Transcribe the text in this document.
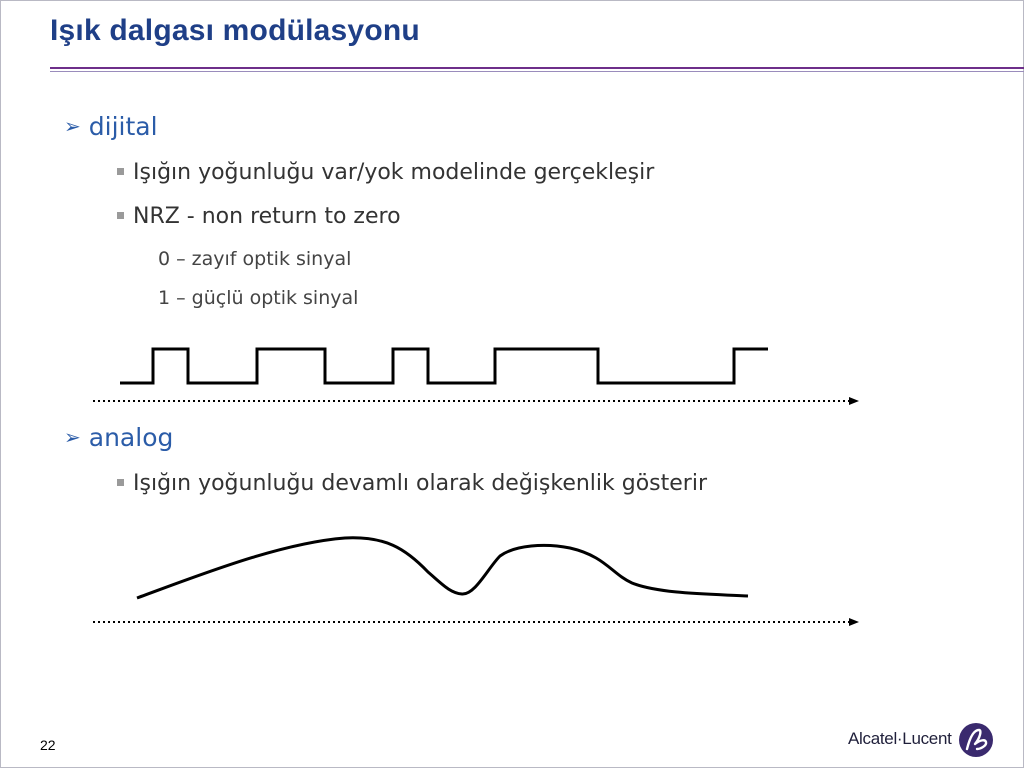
Işık dalgası modülasyonu
➢ dijital
Işığın yoğunluğu var/yok modelinde gerçekleşir
NRZ - non return to zero
0 – zayıf optik sinyal
1 – güçlü optik sinyal
➢ analog
Işığın yoğunluğu devamlı olarak değişkenlik gösterir
22	Alcatel·Lucent
